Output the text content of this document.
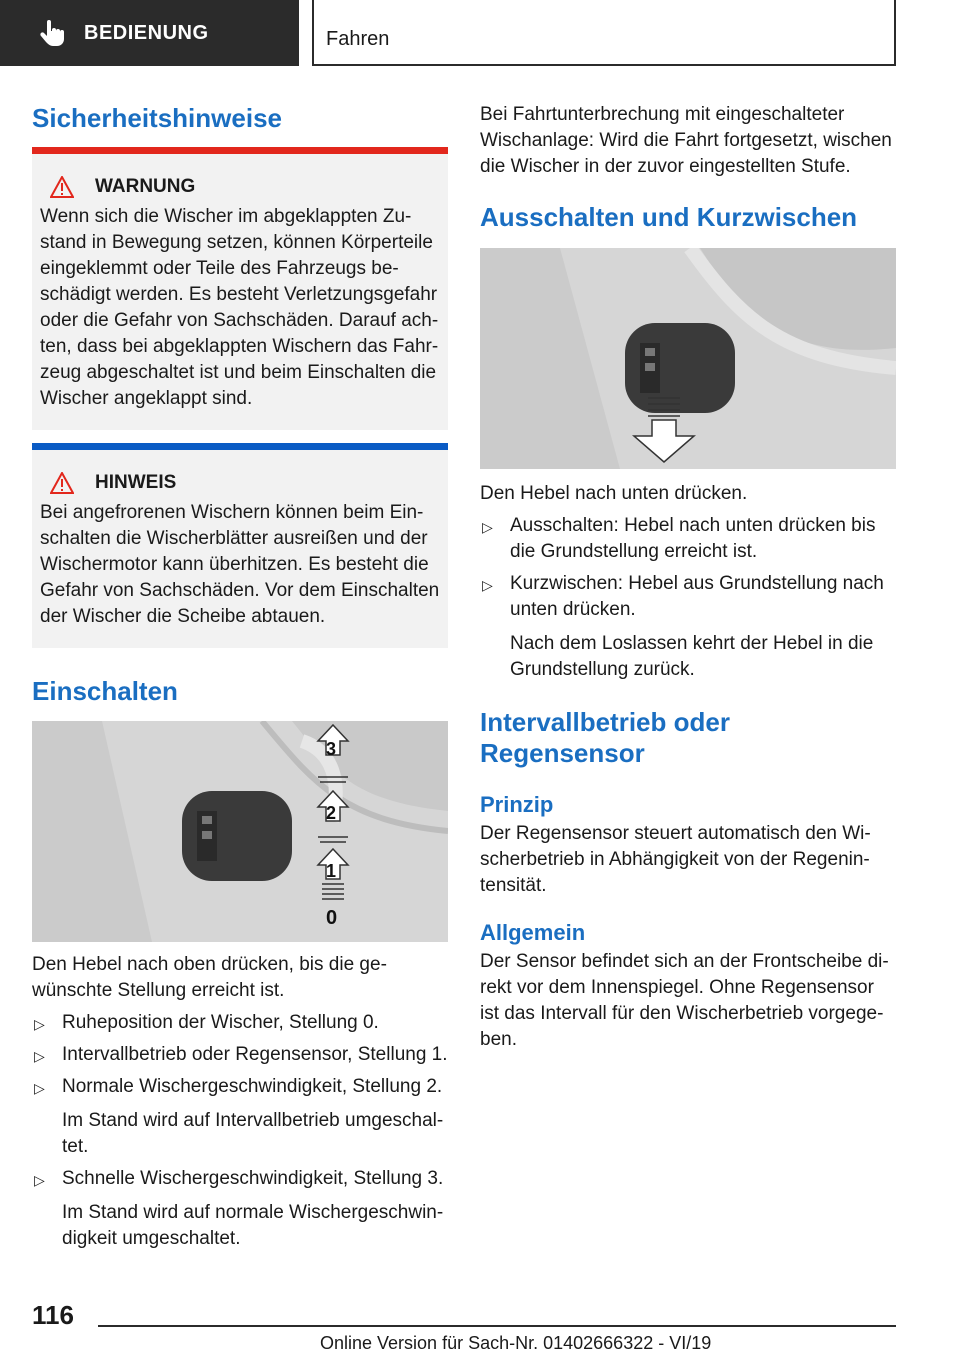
BEDIENUNG	Fahren
Sicherheitshinweise
WARNUNG

Wenn sich die Wischer im abgeklappten Zu-stand in Bewegung setzen, können Körperteile eingeklemmt oder Teile des Fahrzeugs be-schädigt werden. Es besteht Verletzungsgefahr oder die Gefahr von Sachschäden. Darauf ach-ten, dass bei abgeklappten Wischern das Fahr-zeug abgeschaltet ist und beim Einschalten die Wischer angeklappt sind.

HINWEIS

Bei angefrorenen Wischern können beim Ein-schalten die Wischerblätter ausreißen und der Wischermotor kann überhitzen. Es besteht die Gefahr von Sachschäden. Vor dem Einschalten der Wischer die Scheibe abtauen.

Einschalten
3
2
1
0

Den Hebel nach oben drücken, bis die ge-wünschte Stellung erreicht ist.

▷ Ruheposition der Wischer, Stellung 0.
▷ Intervallbetrieb oder Regensensor, Stellung 1.
▷ Normale Wischergeschwindigkeit, Stellung 2.
Im Stand wird auf Intervallbetrieb umgeschal-tet.
▷ Schnelle Wischergeschwindigkeit, Stellung 3.
Im Stand wird auf normale Wischergeschwin-digkeit umgeschaltet.

Bei Fahrtunterbrechung mit eingeschalteter Wischanlage: Wird die Fahrt fortgesetzt, wischen die Wischer in der zuvor eingestellten Stufe.

Ausschalten und Kurzwischen

Den Hebel nach unten drücken.

▷ Ausschalten: Hebel nach unten drücken bis die Grundstellung erreicht ist.
▷ Kurzwischen: Hebel aus Grundstellung nach unten drücken.
Nach dem Loslassen kehrt der Hebel in die Grundstellung zurück.
Intervallbetrieb oder Regensensor
Prinzip

Der Regensensor steuert automatisch den Wi-scherbetrieb in Abhängigkeit von der Regenin-tensität.

Allgemein

Der Sensor befindet sich an der Frontscheibe di-rekt vor dem Innenspiegel. Ohne Regensensor ist das Intervall für den Wischerbetrieb vorgege-ben.

116
Online Version für Sach-Nr. 01402666322 - VI/19
